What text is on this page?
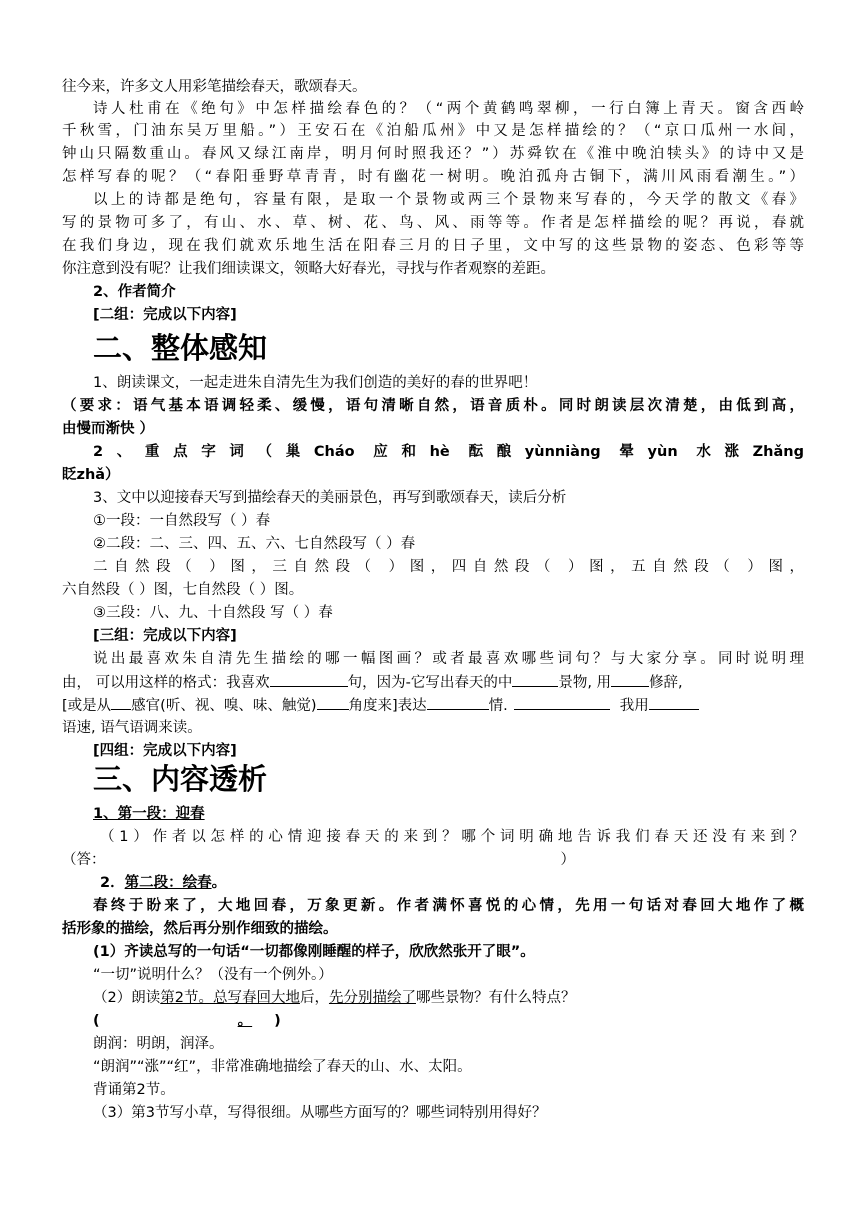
往今来，许多文人用彩笔描绘春天，歌颂春天。
诗人杜甫在《绝句》中怎样描绘春色的？（“两个黄鹤鸣翠柳，一行白簿上青天。窗含西岭
千秋雪，门油东吴万里船。”）王安石在《泊船瓜州》中又是怎样描绘的？（“京口瓜州一水间，
钟山只隔数重山。春风又绿江南岸，明月何时照我还？”）苏舜钦在《淮中晚泊犊头》的诗中又是
怎样写春的呢？（“春阳垂野草青青，时有幽花一树明。晚泊孤舟古铜下，满川风雨看潮生。”）
以上的诗都是绝句，容量有限，是取一个景物或两三个景物来写春的，今天学的散文《春》
写的景物可多了，有山、水、草、树、花、鸟、风、雨等等。作者是怎样描绘的呢？再说，春就
在我们身边，现在我们就欢乐地生活在阳春三月的日子里，文中写的这些景物的姿态、色彩等等
你注意到没有呢？让我们细读课文，领略大好春光，寻找与作者观察的差距。
2、作者简介
[二组：完成以下内容]
二、整体感知
1、朗读课文，一起走进朱自清先生为我们创造的美好的春的世界吧！
（要求：语气基本语调轻柔、缓慢，语句清晰自然，语音质朴。同时朗读层次清楚，由低到高，
由慢而渐快 ）
2、重点字词（巢Cháo 应和hè 酝酿yùnniàng 晕yùn 水涨Zhǎng
眨zhǎ）
3、文中以迎接春天写到描绘春天的美丽景色，再写到歌颂春天，读后分析
①一段：一自然段写（ ）春
②二段：二、三、四、五、六、七自然段写（ ）春
二自然段（ ）图，三自然段（ ）图，四自然段（ ）图，五自然段（ ）图，
六自然段（ ）图，七自然段（ ）图。
③三段：八、九、十自然段 写（ ）春
[三组：完成以下内容]
说出最喜欢朱自清先生描绘的哪一幅图画？或者最喜欢哪些词句？与大家分享。同时说明理
由， 可以用这样的格式：我喜欢	句，因为-它写出春天的中	景物, 用	修辞,
[或是从 感官(听、视、嗅、味、触觉) 角度来]表达	情.	我用
语速, 语气语调来读。
[四组：完成以下内容]
三、内容透析
1、第一段：迎春
（1）作者以怎样的心情迎接春天的来到？哪个词明确地告诉我们春天还没有来到？
（答：	）
2．第二段：绘春。
春终于盼来了，大地回春，万象更新。作者满怀喜悦的心情，先用一句话对春回大地作了概
括形象的描绘，然后再分别作细致的描绘。
(1）齐读总写的一句话“一切都像刚睡醒的样子，欣欣然张开了眼”。
“一切”说明什么？（没有一个例外。）
（2）朗读第2节。总写春回大地后，先分别描绘了哪些景物？有什么特点？
(	。 )
朗润：明朗，润泽。
“朗润”“涨”“红”，非常准确地描绘了春天的山、水、太阳。
背诵第2节。
（3）第3节写小草，写得很细。从哪些方面写的？哪些词特别用得好？
